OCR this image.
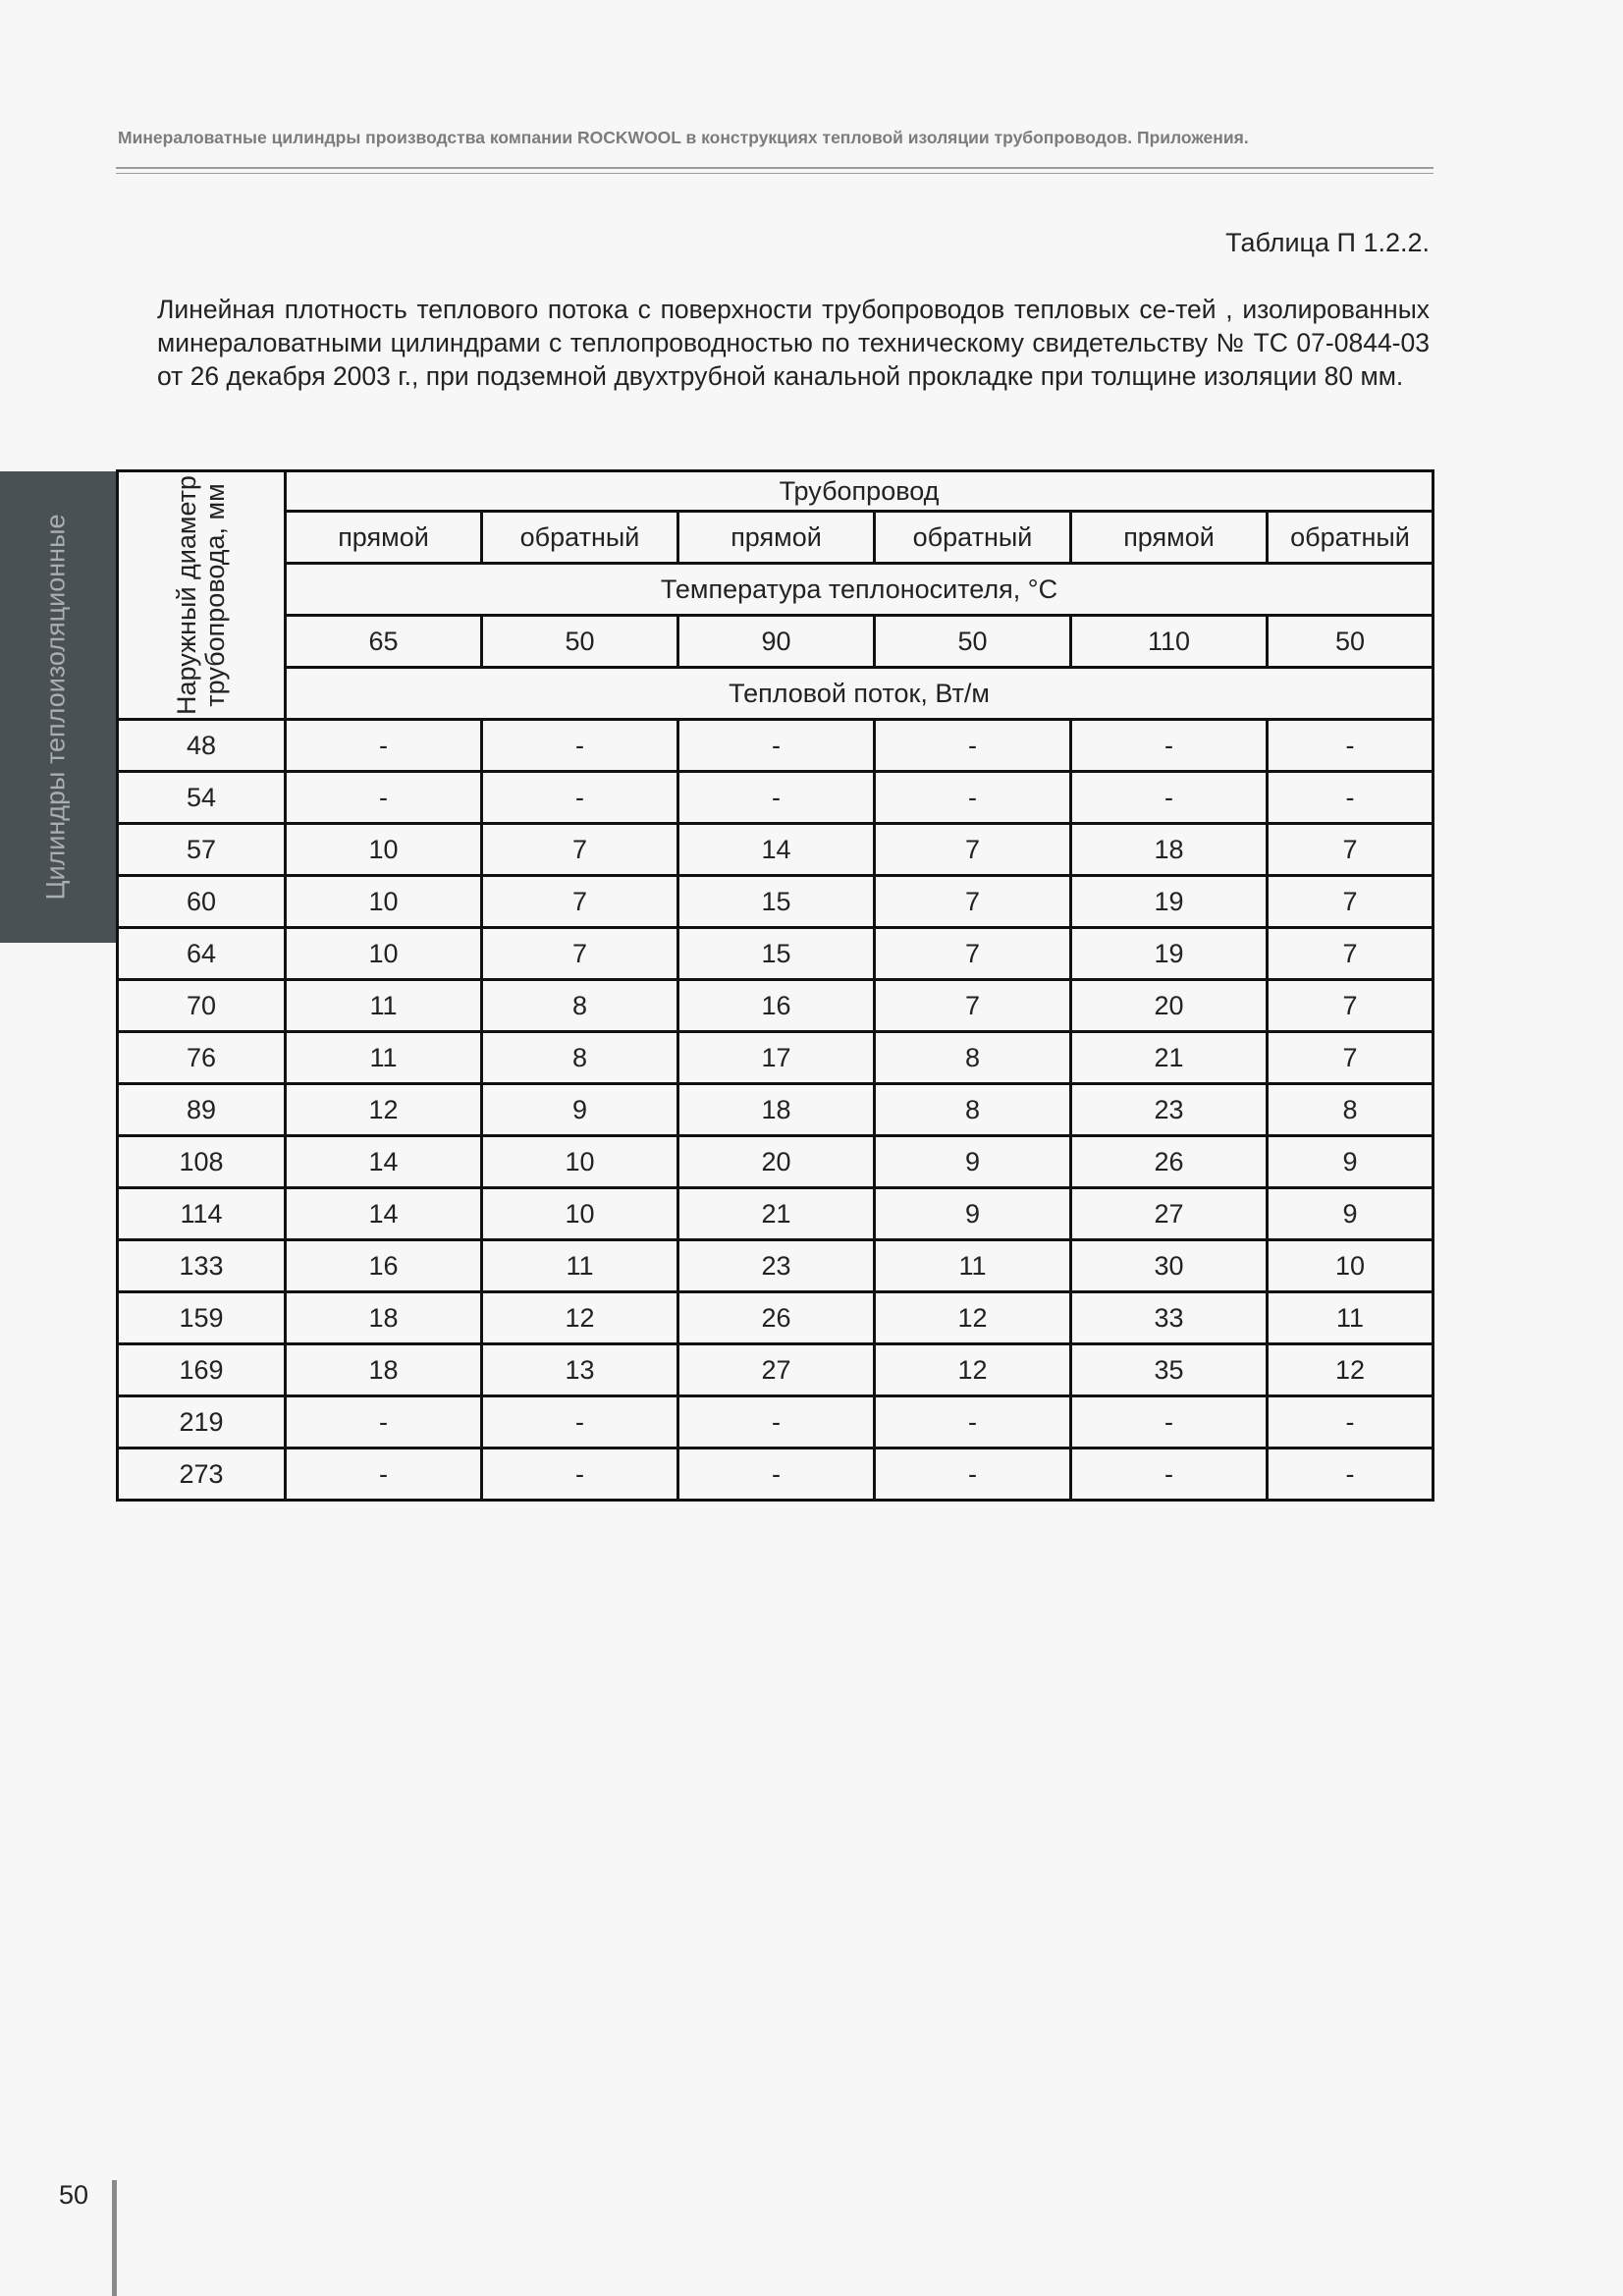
Минераловатные цилиндры производства компании ROCKWOOL в конструкциях тепловой изоляции трубопроводов. Приложения.
Таблица П 1.2.2.
Линейная плотность теплового потока с поверхности трубопроводов тепловых се-тей , изолированных минераловатными цилиндрами с теплопроводностью по техническому свидетельству № ТС 07-0844-03 от 26 декабря 2003 г., при подземной двухтрубной канальной прокладке при толщине изоляции 80 мм.
Цилиндры теплоизоляционные	Наружный диаметр трубопровода, мм	Трубопровод					
	прямой	обратный	прямой	обратный	прямой	обратный
	Температура теплоносителя, °С					
	65	50	90	50	110	50
	Тепловой поток, Вт/м					
48	-	-	-	-	-	-
54	-	-	-	-	-	-
57	10	7	14	7	18	7
60	10	7	15	7	19	7
64	10	7	15	7	19	7
70	11	8	16	7	20	7
76	11	8	17	8	21	7
89	12	9	18	8	23	8
108	14	10	20	9	26	9
114	14	10	21	9	27	9
133	16	11	23	11	30	10
159	18	12	26	12	33	11
169	18	13	27	12	35	12
219	-	-	-	-	-	-
273	-	-	-	-	-	-
50
